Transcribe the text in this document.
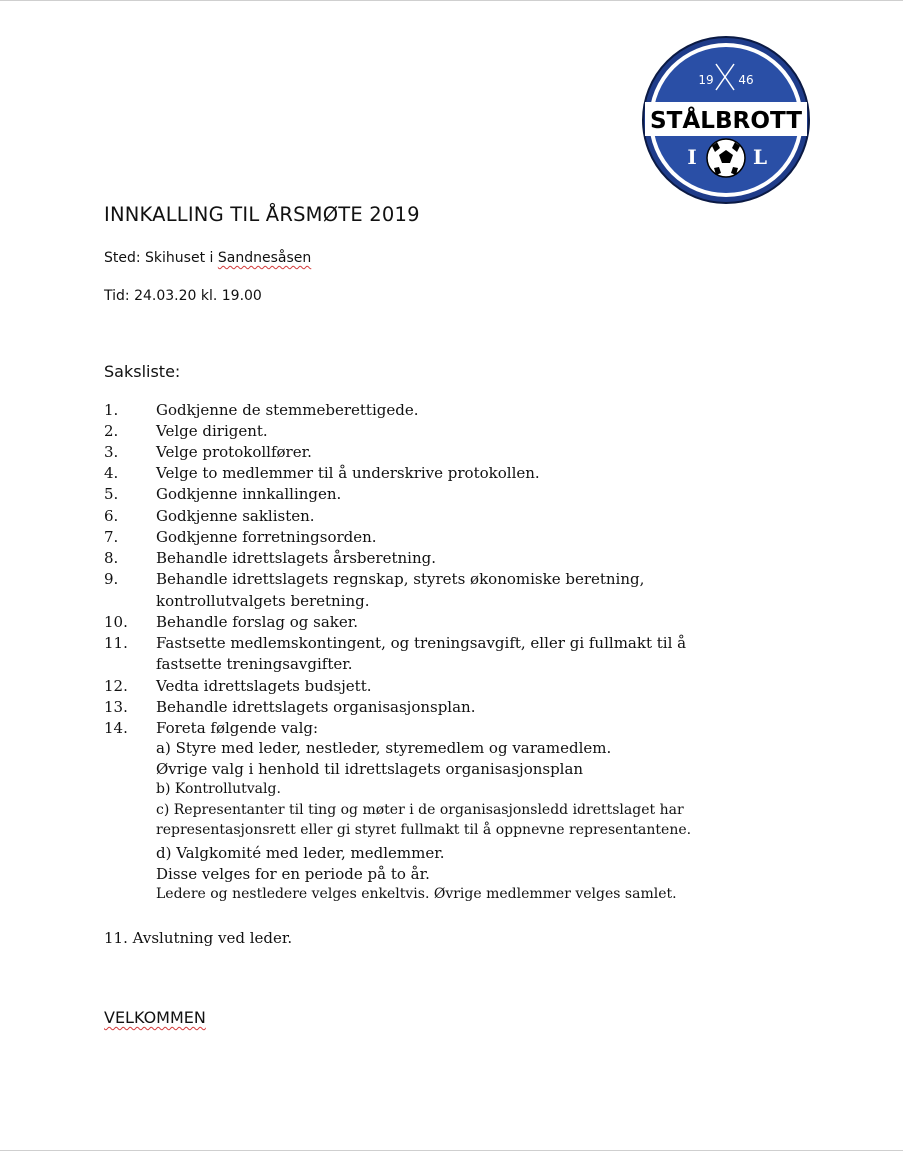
19 46
STÅLBROTT
I	L
INNKALLING TIL ÅRSMØTE 2019
Sted: Skihuset i Sandnesåsen
Tid: 24.03.20 kl. 19.00
Saksliste:
1.	Godkjenne de stemmeberettigede.
2.	Velge dirigent.
3.	Velge protokollfører.
4.	Velge to medlemmer til å underskrive protokollen.
5.	Godkjenne innkallingen.
6.	Godkjenne saklisten.
7.	Godkjenne forretningsorden.
8.	Behandle idrettslagets årsberetning.
9.	Behandle idrettslagets regnskap, styrets økonomiske beretning,
kontrollutvalgets beretning.
10. Behandle forslag og saker.
11. Fastsette medlemskontingent, og treningsavgift, eller gi fullmakt til å
fastsette treningsavgifter.
12. Vedta idrettslagets budsjett.
13. Behandle idrettslagets organisasjonsplan.
14. Foreta følgende valg:
a) Styre med leder, nestleder, styremedlem og varamedlem.
Øvrige valg i henhold til idrettslagets organisasjonsplan
b) Kontrollutvalg.
c) Representanter til ting og møter i de organisasjonsledd idrettslaget har
representasjonsrett eller gi styret fullmakt til å oppnevne representantene.
d) Valgkomité med leder, medlemmer.
Disse velges for en periode på to år.
Ledere og nestledere velges enkeltvis. Øvrige medlemmer velges samlet.
11. Avslutning ved leder.
VELKOMMEN
